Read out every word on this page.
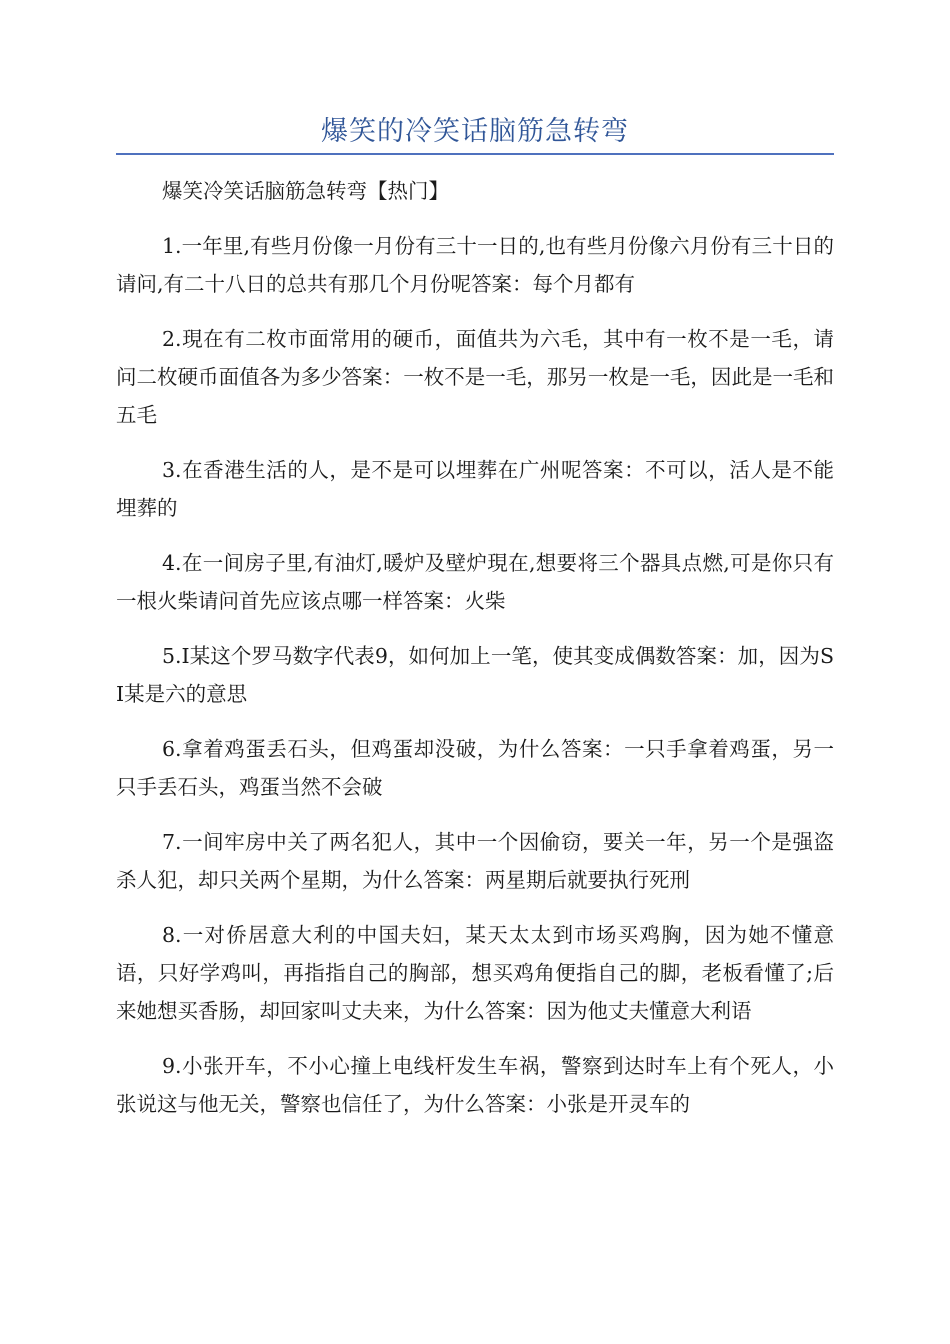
爆笑的冷笑话脑筋急转弯

爆笑冷笑话脑筋急转弯【热门】

1.一年里,有些月份像一月份有三十一日的,也有些月份像六月份有三十日的请问,有二十八日的总共有那几个月份呢答案：每个月都有

2.現在有二枚市面常用的硬币，面值共为六毛，其中有一枚不是一毛，请问二枚硬币面值各为多少答案：一枚不是一毛，那另一枚是一毛，因此是一毛和五毛

3.在香港生活的人，是不是可以埋葬在广州呢答案：不可以，活人是不能埋葬的

4.在一间房子里,有油灯,暖炉及壁炉現在,想要将三个器具点燃,可是你只有一根火柴请问首先应该点哪一样答案：火柴

5.I某这个罗马数字代表9，如何加上一笔，使其变成偶数答案：加，因为SI某是六的意思

6.拿着鸡蛋丢石头，但鸡蛋却没破，为什么答案：一只手拿着鸡蛋，另一只手丢石头，鸡蛋当然不会破

7.一间牢房中关了两名犯人，其中一个因偷窃，要关一年，另一个是强盗杀人犯，却只关两个星期，为什么答案：两星期后就要执行死刑

8.一对侨居意大利的中国夫妇，某天太太到市场买鸡胸，因为她不懂意语，只好学鸡叫，再指指自己的胸部，想买鸡角便指自己的脚，老板看懂了;后来她想买香肠，却回家叫丈夫来，为什么答案：因为他丈夫懂意大利语

9.小张开车，不小心撞上电线杆发生车祸，警察到达时车上有个死人，小张说这与他无关，警察也信任了，为什么答案：小张是开灵车的
